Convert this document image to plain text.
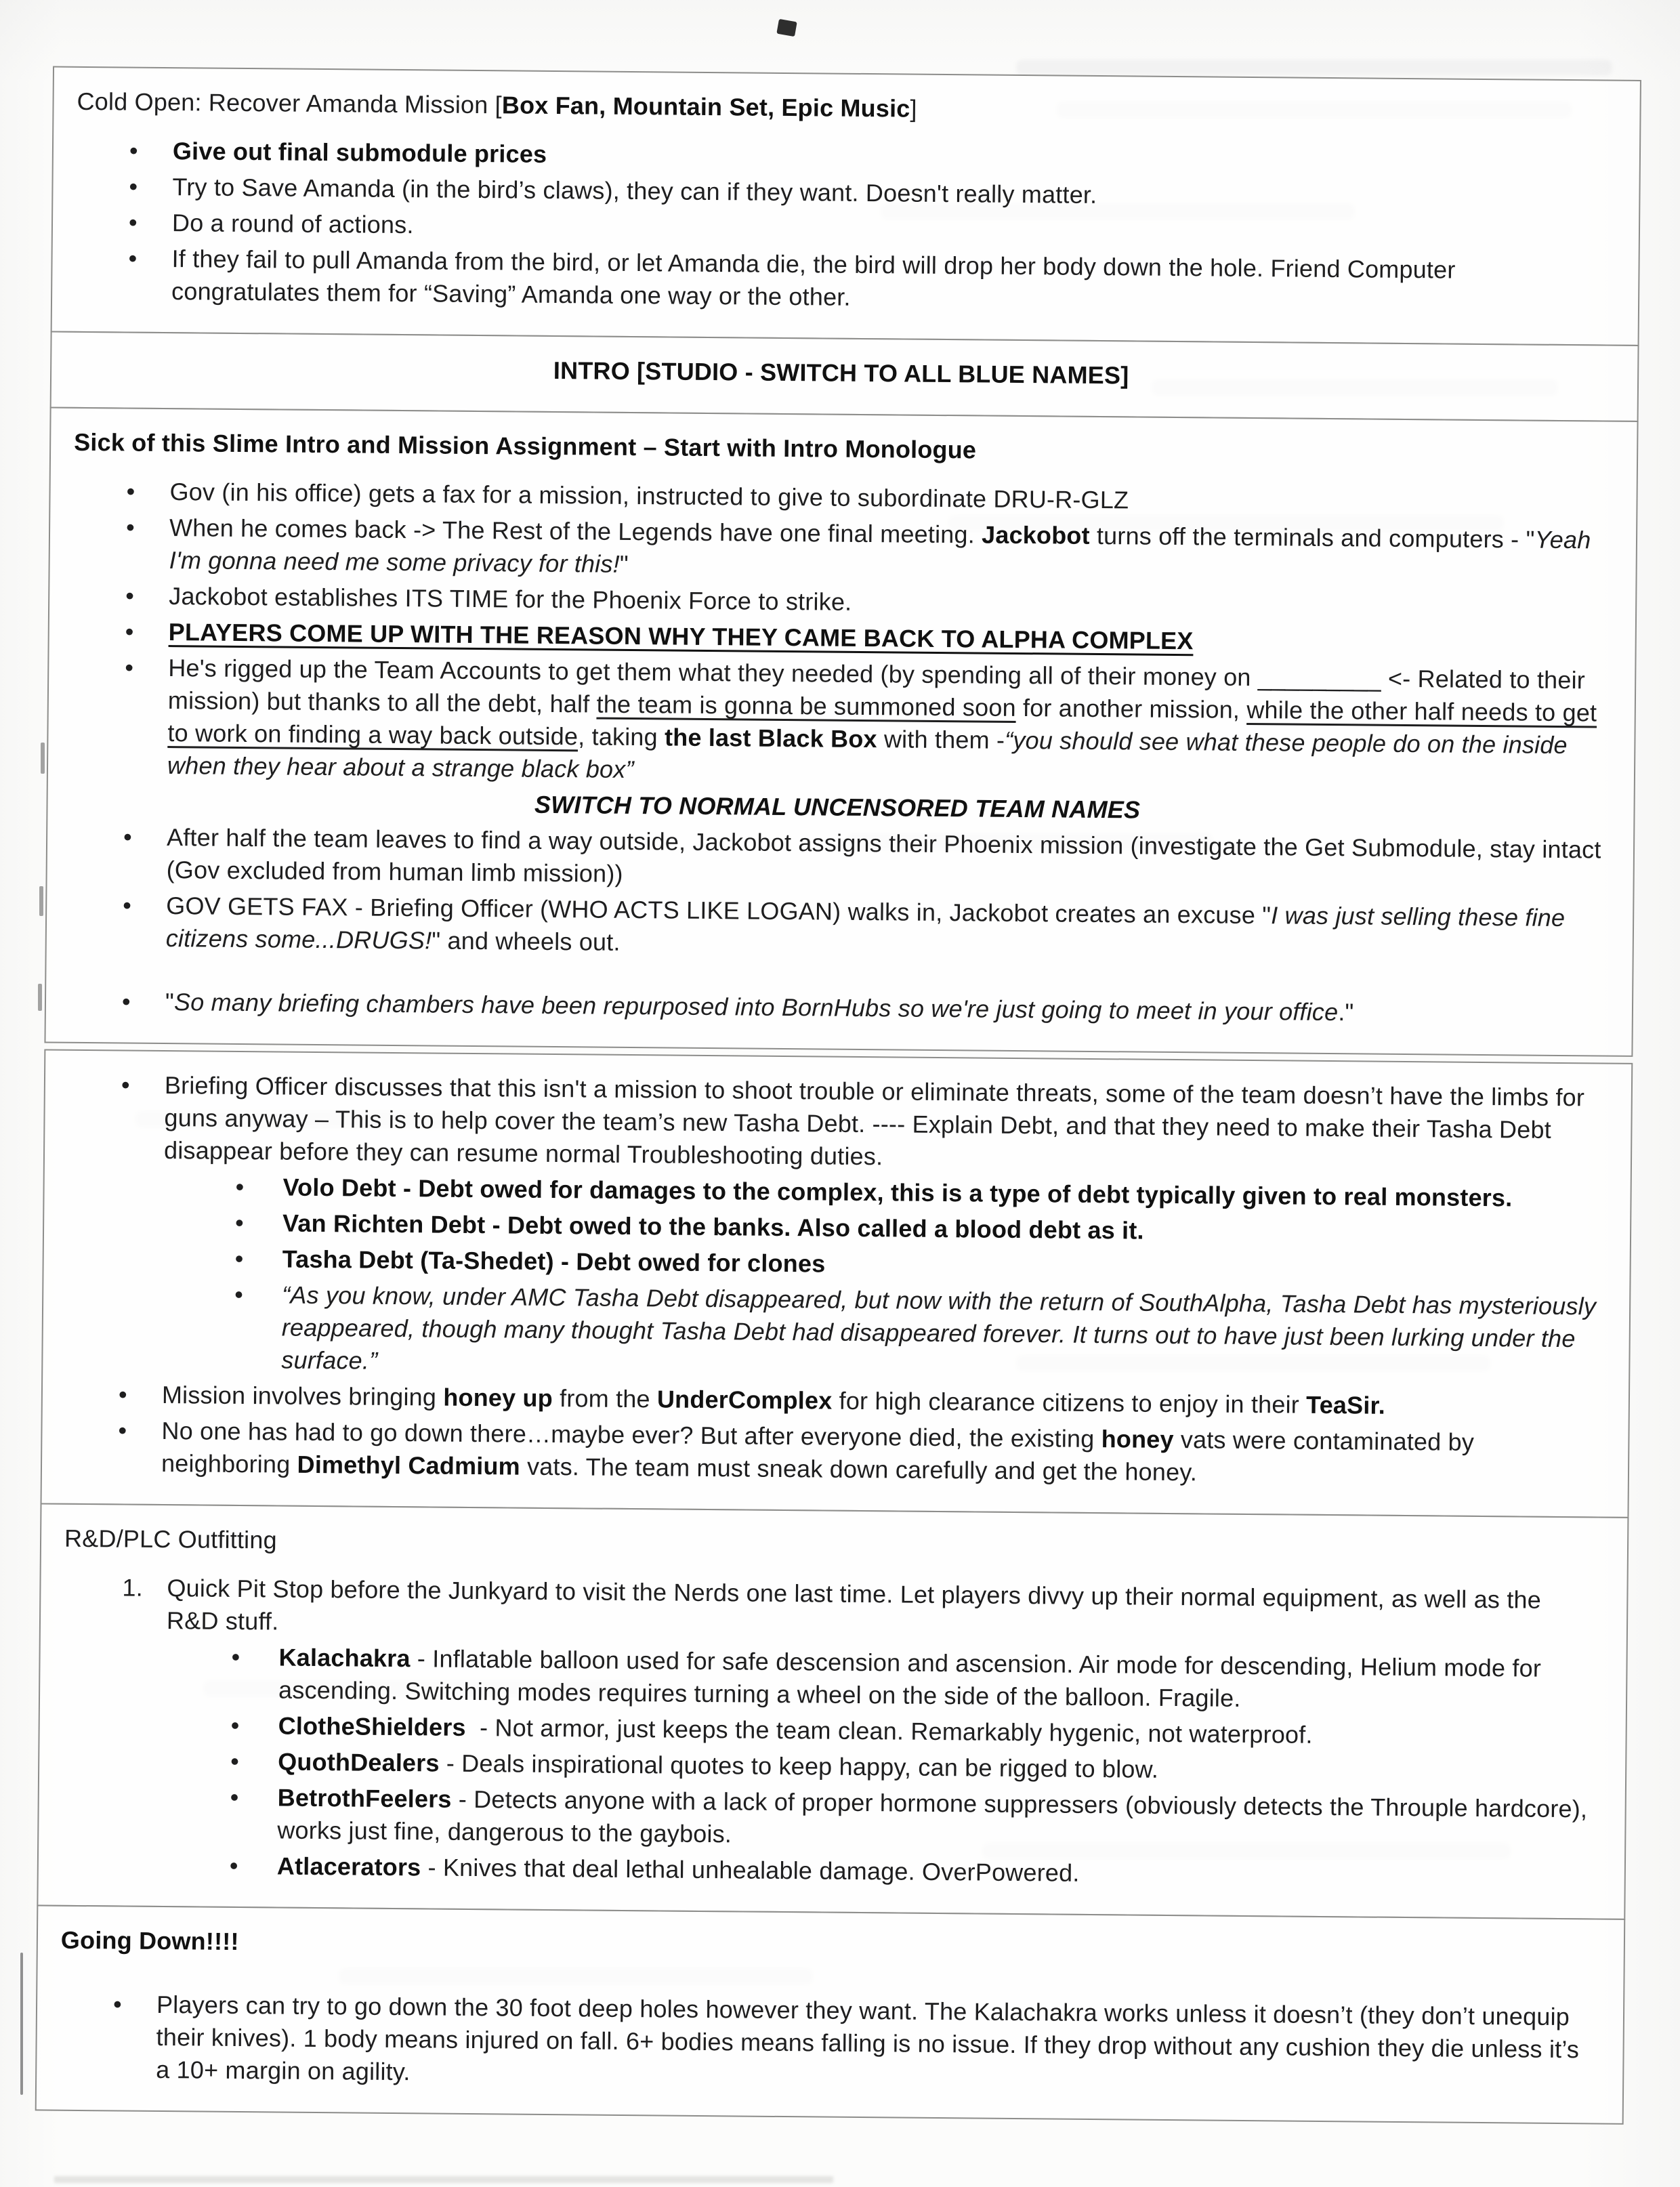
Cold Open: Recover Amanda Mission [Box Fan, Mountain Set, Epic Music]
• Give out final submodule prices
• Try to Save Amanda (in the bird’s claws), they can if they want. Doesn't really matter.
• Do a round of actions.
• If they fail to pull Amanda from the bird, or let Amanda die, the bird will drop her body down the hole. Friend Computer congratulates them for “Saving” Amanda one way or the other.
INTRO [STUDIO - SWITCH TO ALL BLUE NAMES]
Sick of this Slime Intro and Mission Assignment – Start with Intro Monologue
• Gov (in his office) gets a fax for a mission, instructed to give to subordinate DRU-R-GLZ
• When he comes back -> The Rest of the Legends have one final meeting. Jackobot turns off the terminals and computers - "Yeah I'm gonna need me some privacy for this!"
• Jackobot establishes ITS TIME for the Phoenix Force to strike.
• PLAYERS COME UP WITH THE REASON WHY THEY CAME BACK TO ALPHA COMPLEX
• He's rigged up the Team Accounts to get them what they needed (by spending all of their money on _________ <- Related to their mission) but thanks to all the debt, half the team is gonna be summoned soon for another mission, while the other half needs to get to work on finding a way back outside, taking the last Black Box with them -“you should see what these people do on the inside when they hear about a strange black box”
SWITCH TO NORMAL UNCENSORED TEAM NAMES
• After half the team leaves to find a way outside, Jackobot assigns their Phoenix mission (investigate the Get Submodule, stay intact (Gov excluded from human limb mission))
• GOV GETS FAX - Briefing Officer (WHO ACTS LIKE LOGAN) walks in, Jackobot creates an excuse "I was just selling these fine citizens some...DRUGS!" and wheels out.
• "So many briefing chambers have been repurposed into BornHubs so we're just going to meet in your office."
• Briefing Officer discusses that this isn't a mission to shoot trouble or eliminate threats, some of the team doesn’t have the limbs for guns anyway – This is to help cover the team’s new Tasha Debt. ---- Explain Debt, and that they need to make their Tasha Debt disappear before they can resume normal Troubleshooting duties.
• Volo Debt - Debt owed for damages to the complex, this is a type of debt typically given to real monsters.
• Van Richten Debt - Debt owed to the banks. Also called a blood debt as it.
• Tasha Debt (Ta-Shedet) - Debt owed for clones
• “As you know, under AMC Tasha Debt disappeared, but now with the return of SouthAlpha, Tasha Debt has mysteriously reappeared, though many thought Tasha Debt had disappeared forever. It turns out to have just been lurking under the surface.”
• Mission involves bringing honey up from the UnderComplex for high clearance citizens to enjoy in their TeaSir.
• No one has had to go down there…maybe ever? But after everyone died, the existing honey vats were contaminated by neighboring Dimethyl Cadmium vats. The team must sneak down carefully and get the honey.
R&D/PLC Outfitting
1. Quick Pit Stop before the Junkyard to visit the Nerds one last time. Let players divvy up their normal equipment, as well as the R&D stuff.
• Kalachakra - Inflatable balloon used for safe descension and ascension. Air mode for descending, Helium mode for ascending. Switching modes requires turning a wheel on the side of the balloon. Fragile.
• ClotheShielders  - Not armor, just keeps the team clean. Remarkably hygenic, not waterproof.
• QuothDealers - Deals inspirational quotes to keep happy, can be rigged to blow.
• BetrothFeelers - Detects anyone with a lack of proper hormone suppressers (obviously detects the Throuple hardcore), works just fine, dangerous to the gaybois.
• Atlacerators - Knives that deal lethal unhealable damage. OverPowered.
Going Down!!!!
• Players can try to go down the 30 foot deep holes however they want. The Kalachakra works unless it doesn’t (they don’t unequip their knives). 1 body means injured on fall. 6+ bodies means falling is no issue. If they drop without any cushion they die unless it’s a 10+ margin on agility.
